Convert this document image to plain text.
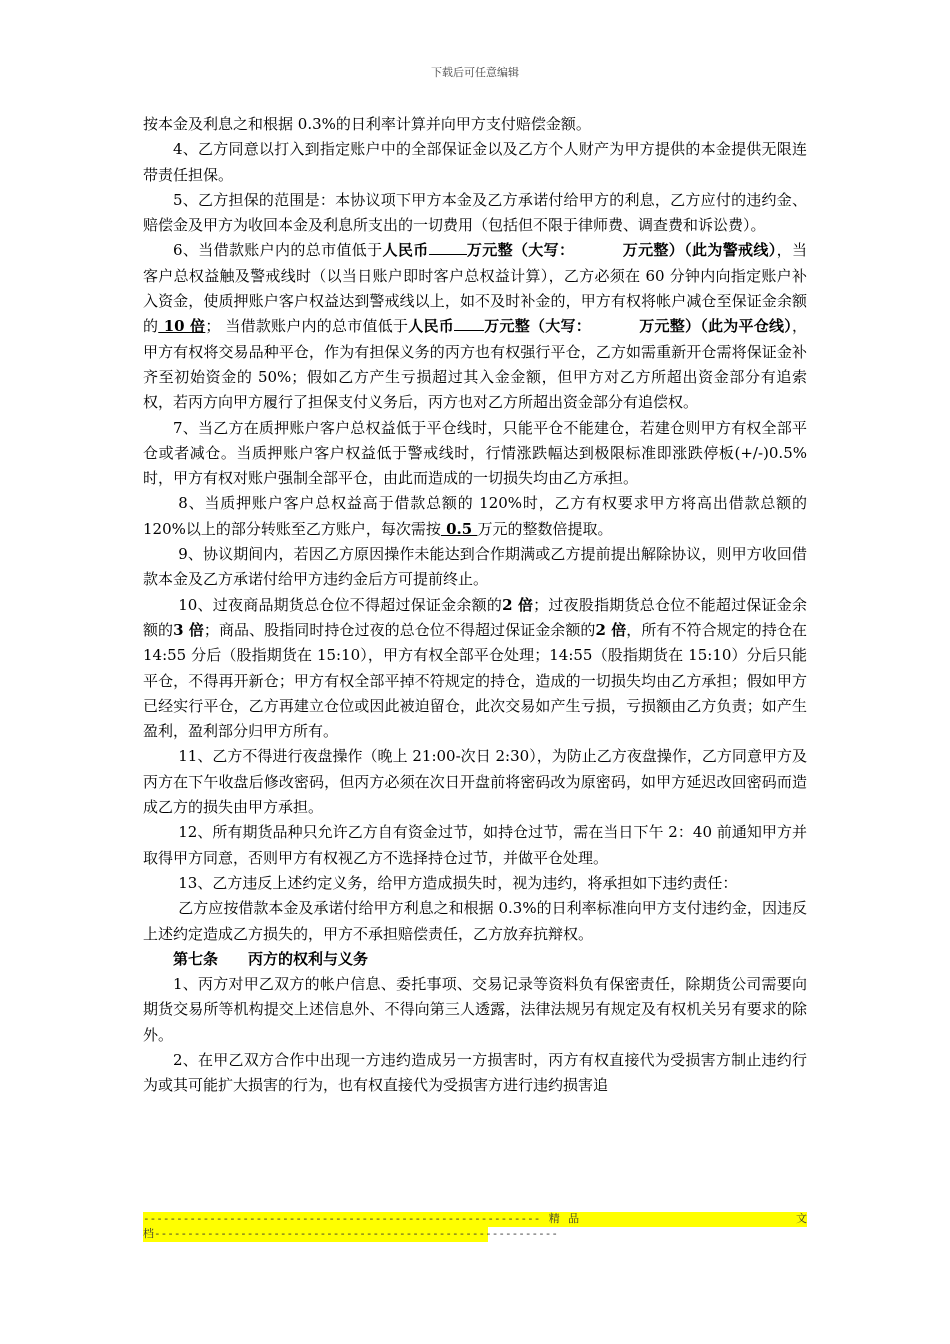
下载后可任意编辑

按本金及利息之和根据 0.3%的日利率计算并向甲方支付赔偿金额。

4、乙方同意以打入到指定账户中的全部保证金以及乙方个人财产为甲方提供的本金提供无限连带责任担保。

5、乙方担保的范围是：本协议项下甲方本金及乙方承诺付给甲方的利息，乙方应付的违约金、赔偿金及甲方为收回本金及利息所支出的一切费用（包括但不限于律师费、调查费和诉讼费）。

6、当借款账户内的总市值低于人民币	万元整（大写：	万元整）（此为警戒线），当客户总权益触及警戒线时（以当日账户即时客户总权益计算），乙方必须在 60 分钟内向指定账户补入资金，使质押账户客户权益达到警戒线以上，如不及时补金的，甲方有权将帐户减仓至保证金余额的 10 倍； 当借款账户内的总市值低于人民币 万元整（大写：	万元整）（此为平仓线），甲方有权将交易品种平仓，作为有担保义务的丙方也有权强行平仓，乙方如需重新开仓需将保证金补齐至初始资金的 50%；假如乙方产生亏损超过其入金金额，但甲方对乙方所超出资金部分有追索权，若丙方向甲方履行了担保支付义务后，丙方也对乙方所超出资金部分有追偿权。

7、当乙方在质押账户客户总权益低于平仓线时，只能平仓不能建仓，若建仓则甲方有权全部平仓或者减仓。当质押账户客户权益低于警戒线时，行情涨跌幅达到极限标准即涨跌停板(+/-)0.5%时，甲方有权对账户强制全部平仓，由此而造成的一切损失均由乙方承担。

8、当质押账户客户总权益高于借款总额的 120%时，乙方有权要求甲方将高出借款总额的 120%以上的部分转账至乙方账户，每次需按 0.5 万元的整数倍提取。

9、协议期间内，若因乙方原因操作未能达到合作期满或乙方提前提出解除协议，则甲方收回借款本金及乙方承诺付给甲方违约金后方可提前终止。

10、过夜商品期货总仓位不得超过保证金余额的2 倍；过夜股指期货总仓位不能超过保证金余额的3 倍；商品、股指同时持仓过夜的总仓位不得超过保证金余额的2 倍，所有不符合规定的持仓在 14:55 分后（股指期货在 15:10），甲方有权全部平仓处理；14:55（股指期货在 15:10）分后只能平仓，不得再开新仓；甲方有权全部平掉不符规定的持仓，造成的一切损失均由乙方承担；假如甲方已经实行平仓，乙方再建立仓位或因此被迫留仓，此次交易如产生亏损，亏损额由乙方负责；如产生盈利，盈利部分归甲方所有。

11、乙方不得进行夜盘操作（晚上 21:00-次日 2:30），为防止乙方夜盘操作，乙方同意甲方及丙方在下午收盘后修改密码，但丙方必须在次日开盘前将密码改为原密码，如甲方延迟改回密码而造成乙方的损失由甲方承担。

12、所有期货品种只允许乙方自有资金过节，如持仓过节，需在当日下午 2：40 前通知甲方并取得甲方同意，否则甲方有权视乙方不选择持仓过节，并做平仓处理。

13、乙方违反上述约定义务，给甲方造成损失时，视为违约，将承担如下违约责任：

乙方应按借款本金及承诺付给甲方利息之和根据 0.3%的日利率标准向甲方支付违约金，因违反上述约定造成乙方损失的，甲方不承担赔偿责任，乙方放弃抗辩权。

第七条 丙方的权利与义务

1、丙方对甲乙双方的帐户信息、委托事项、交易记录等资料负有保密责任，除期货公司需要向期货交易所等机构提交上述信息外、不得向第三人透露，法律法规另有规定及有权机关另有要求的除外。

2、在甲乙双方合作中出现一方违约造成另一方损害时，丙方有权直接代为受损害方制止违约行为或其可能扩大损害的行为，也有权直接代为受损害方进行违约损害追

------------------------------------------------------------ 精 品	文
档-------------------------------------------------------------
